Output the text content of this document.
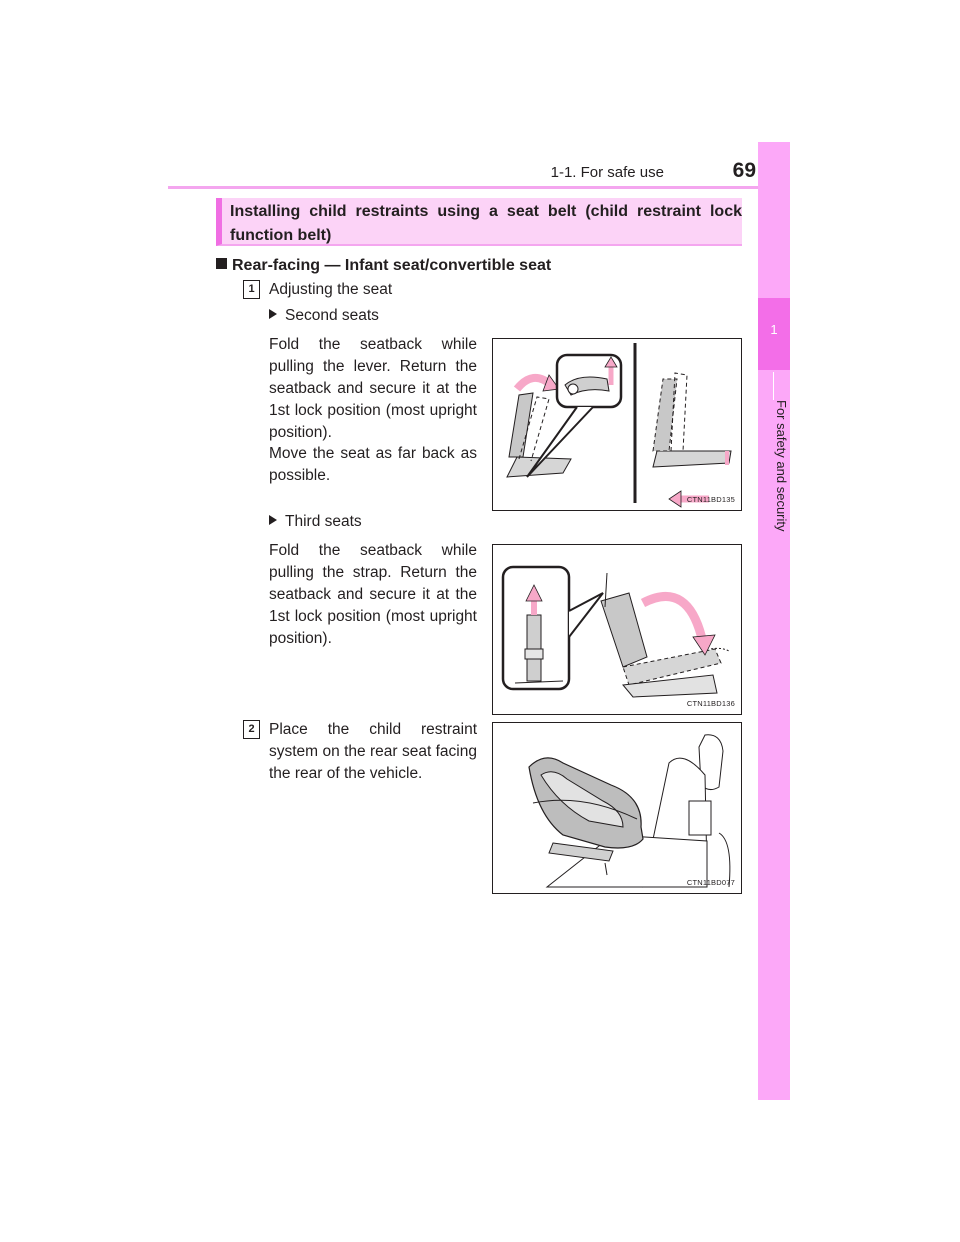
1-1. For safe use	69
1
For safety and security
Installing child restraints using a seat belt (child restraint lock function belt)
Rear-facing — Infant seat/convertible seat
1 Adjusting the seat
Second seats
Fold the seatback while pulling the lever. Return the seatback and secure it at the 1st lock position (most upright position).
Move the seat as far back as possible.
Third seats
Fold the seatback while pulling the strap. Return the seatback and secure it at the 1st lock position (most upright position).
2 Place the child restraint system on the rear seat facing the rear of the vehicle.
CTN11BD135
CTN11BD136
CTN11BD077
